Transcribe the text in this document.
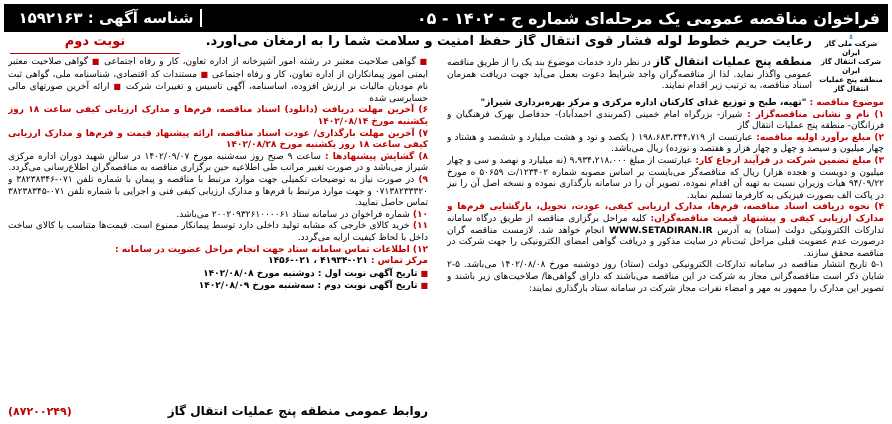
فراخوان مناقصه عمومی یک مرحله‌ای شماره ج - ۱۴۰۲ - ۰۵
شناسه آگهی : ۱۵۹۲۱۶۳
رعایت حریم خطوط لوله فشار قوی انتقال گاز حفظ امنیت و سلامت شما را به ارمغان می‌آورد.
نوبت دوم	شرکت ملی گاز ایران
شرکت انتقال گاز ایران
منطقه پنج عملیات انتقال گاز
منطقه پنج عملیات انتقال گاز در نظر دارد خدمات موضوع بند یک را از طریق مناقصه عمومی واگذار نماید. لذا از مناقصه‌گران واجد شرایط دعوت بعمل می‌آید جهت دریافت همزمان اسناد مناقصه، به ترتیب زیر اقدام نمایند.
موضوع مناقصه : "تهیه، طبخ و توزیع غذای کارکنان اداره مرکزی و مرکز بهره‌برداری شیراز"
۱) نام و نشانی مناقصه‌گزار : شیراز- بزرگراه امام خمینی (کمربندی احمدآباد)- حدفاصل بهرک فرهنگیان و فرزانگان- منطقه پنج عملیات انتقال گاز
۲) مبلغ برآورد اولیه مناقصه: عبارتست از ۱۹۸،۶۸۳،۳۴۴،۷۱۹ ( یکصد و نود و هشت میلیارد و ششصد و هشتاد و چهار میلیون و سیصد و چهل و چهار هزار و هفتصد و نوزده) ریال می‌باشد.
۳) مبلغ تضمین شرکت در فرآیند ارجاع کار: عبارتست از مبلغ ۹،۹۳۴،۲۱۸،۰۰۰ (نه میلیارد و نهصد و سی و چهار میلیون و دویست و هجده هزار) ریال که مناقصه‌گر می‌بایست بر اساس مصوبه شماره ۱۲۳۴۰۲/ت ۵۰۶۵۹ ه مورخ ۹۴/۰۹/۲۲ هیات وزیران نسبت به تهیه آن اقدام نموده، تصویر آن را در سامانه بارگذاری نموده و نسخه اصل آن را نیز در پاکت الف بصورت فیزیکی به کارفرما تسلیم نماید.
۴) نحوه دریافت اسناد مناقصه، فرم‌ها، مدارک ارزیابی کیفی، عودت، تحویل، بارگشایی فرم‌ها و مدارک ارزیابی کیفی و پیشنهاد قیمت مناقصه‌گران: کلیه مراحل برگزاری مناقصه از طریق درگاه سامانه تدارکات الکترونیکی دولت (ستاد) به آدرس WWW.SETADIRAN.IR انجام خواهد شد. لازمست مناقصه گران درصورت عدم عضویت قبلی مراحل ثبت‌نام در سایت مذکور و دریافت گواهی امضای الکترونیکی را جهت شرکت در مناقصه محقق سازند.
۵-۱ تاریخ انتشار مناقصه در سامانه تدارکات الکترونیکی دولت (ستاد) روز دوشنبه مورخ ۱۴۰۲/۰۸/۰۸ می‌باشد. ۵-۲ شایان ذکر است مناقصه‌گرانی مجاز به شرکت در این مناقصه می‌باشند که دارای گواهی‌ها/ صلاحیت‌های زیر باشند و تصویر این مدارک را ممهور به مهر و امضاء نفرات مجاز شرکت در سامانه ستاد بارگذاری نمایند:
■ گواهی صلاحیت معتبر در رشته امور آشپزخانه از اداره تعاون، کار و رفاه اجتماعی ■ گواهی صلاحیت معتبر ایمنی امور پیمانکاران از اداره تعاون، کار و رفاه اجتماعی ■ مستندات کد اقتصادی، شناسنامه ملی، گواهی ثبت نام مودیان مالیات بر ارزش افزوده، اساسنامه، آگهی تاسیس و تغییرات شرکت ■ ارائه آخرین صورتهای مالی حسابرسی شده
۶) آخرین مهلت دریافت (دانلود) اسناد مناقصه، فرم‌ها و مدارک ارزیابی کیفی ساعت ۱۸ روز یکشنبه مورخ ۱۴۰۲/۰۸/۱۴
۷) آخرین مهلت بارگذاری/ عودت اسناد مناقصه، ارائه پیشنهاد قیمت و فرم‌ها و مدارک ارزیابی کیفی ساعت ۱۸ روز یکشنبه مورخ ۱۴۰۲/۰۸/۲۸
۸) گشایش پیشنهادها : ساعت ۹ صبح روز سه‌شنبه مورخ ۱۴۰۲/۰۹/۰۷ در سالن شهید دوران اداره مرکزی شیراز می‌باشد و در صورت تغییر مراتب طی اطلاعیه حین برگزاری مناقصه به مناقصه‌گران اطلاع‌رسانی می‌گردد.
۹) در صورت نیاز به توضیحات تکمیلی جهت موارد مرتبط با مناقصه و پیمان با شماره تلفن ۰۷۱-۳۸۲۳۸۳۴۶ و ۰۷۱۳۸۲۳۳۳۲۰ و جهت موارد مرتبط با فرم‌ها و مدارک ارزیابی کیفی فنی و اجرایی با شماره تلفن ۰۷۱-۳۸۲۳۸۳۴۵ تماس حاصل نمایید.
۱۰) شماره فراخوان در سامانه ستاد ۲۰۰۲۰۹۳۲۶۱۰۰۰۰۶۱ می‌باشد.
۱۱) خرید کالای خارجی که مشابه تولید داخلی دارد توسط پیمانکار ممنوع است. قیمت‌ها متناسب با کالای ساخت داخل با لحاظ کیفیت ارایه می‌گردد.
۱۲) اطلاعات تماس سامانه ستاد جهت انجام مراحل عضویت در سامانه :
مرکز تماس : ۰۲۱-۴۱۹۳۴ ، ۰۲۱-۱۴۵۶
■ تاریخ آگهی نوبت اول : دوشنبه مورخ ۱۴۰۲/۰۸/۰۸
■ تاریخ آگهی نوبت دوم : سه‌شنبه مورخ ۱۴۰۲/۰۸/۰۹
روابط عمومی منطقه پنج عملیات انتقال گاز
(۸۷۲۰۰۲۴۹)
